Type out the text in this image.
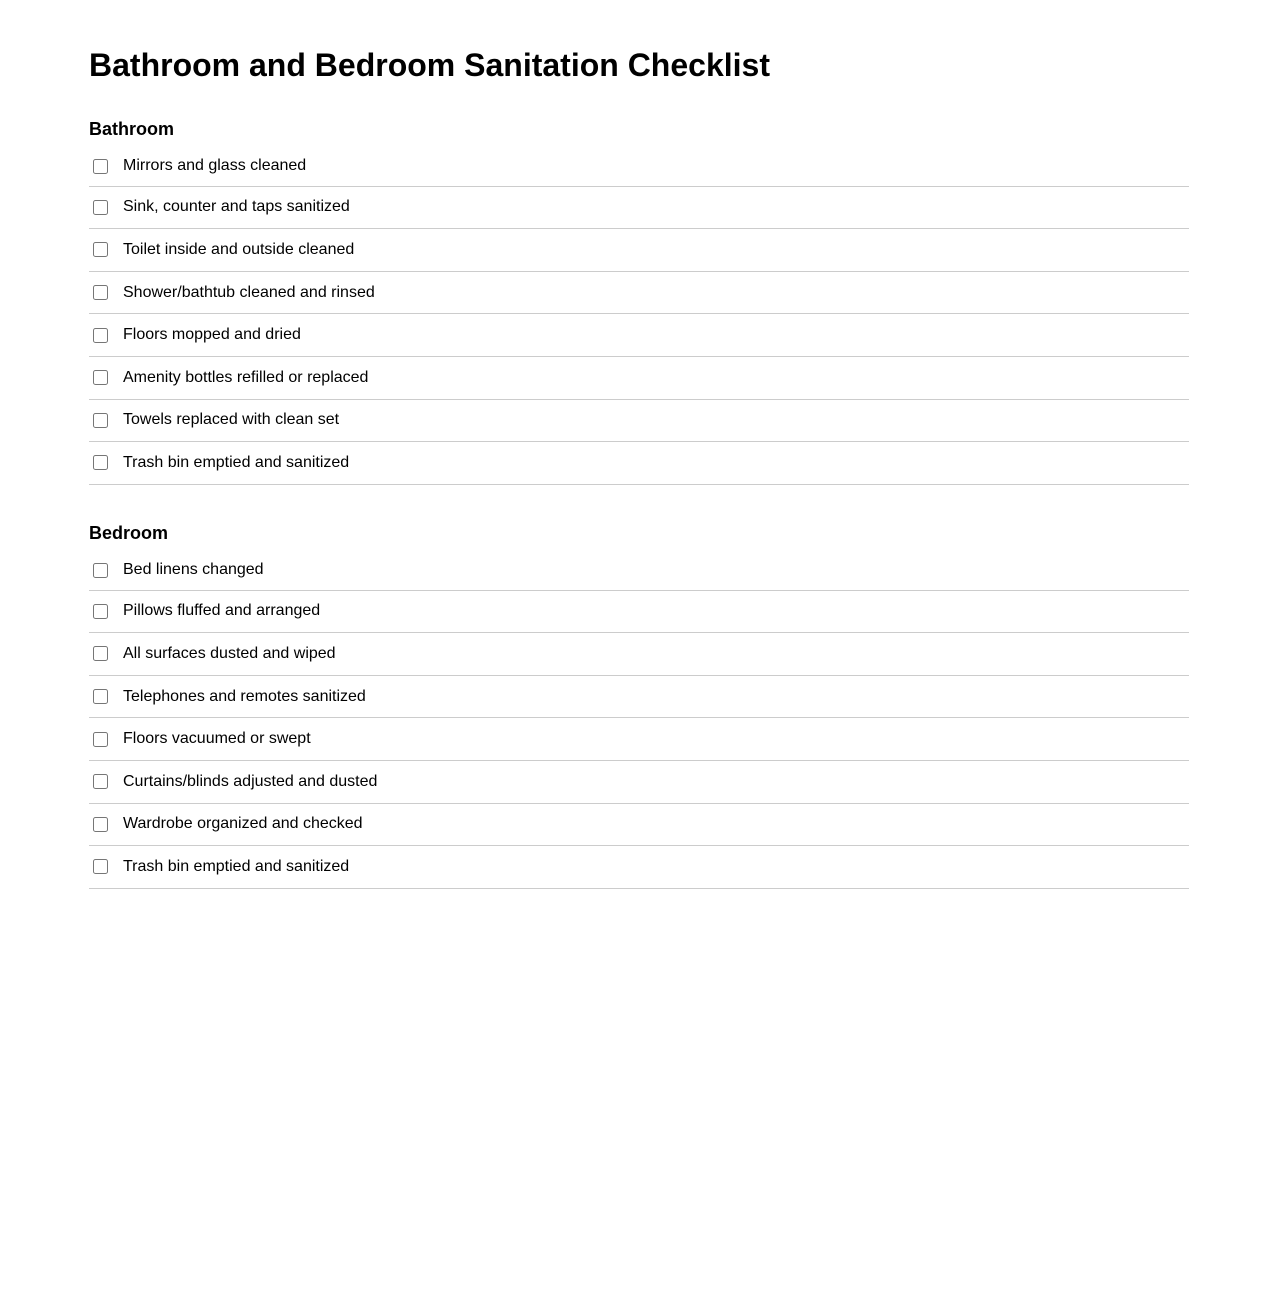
Bathroom and Bedroom Sanitation Checklist
Bathroom
Mirrors and glass cleaned
Sink, counter and taps sanitized
Toilet inside and outside cleaned
Shower/bathtub cleaned and rinsed
Floors mopped and dried
Amenity bottles refilled or replaced
Towels replaced with clean set
Trash bin emptied and sanitized
Bedroom
Bed linens changed
Pillows fluffed and arranged
All surfaces dusted and wiped
Telephones and remotes sanitized
Floors vacuumed or swept
Curtains/blinds adjusted and dusted
Wardrobe organized and checked
Trash bin emptied and sanitized
